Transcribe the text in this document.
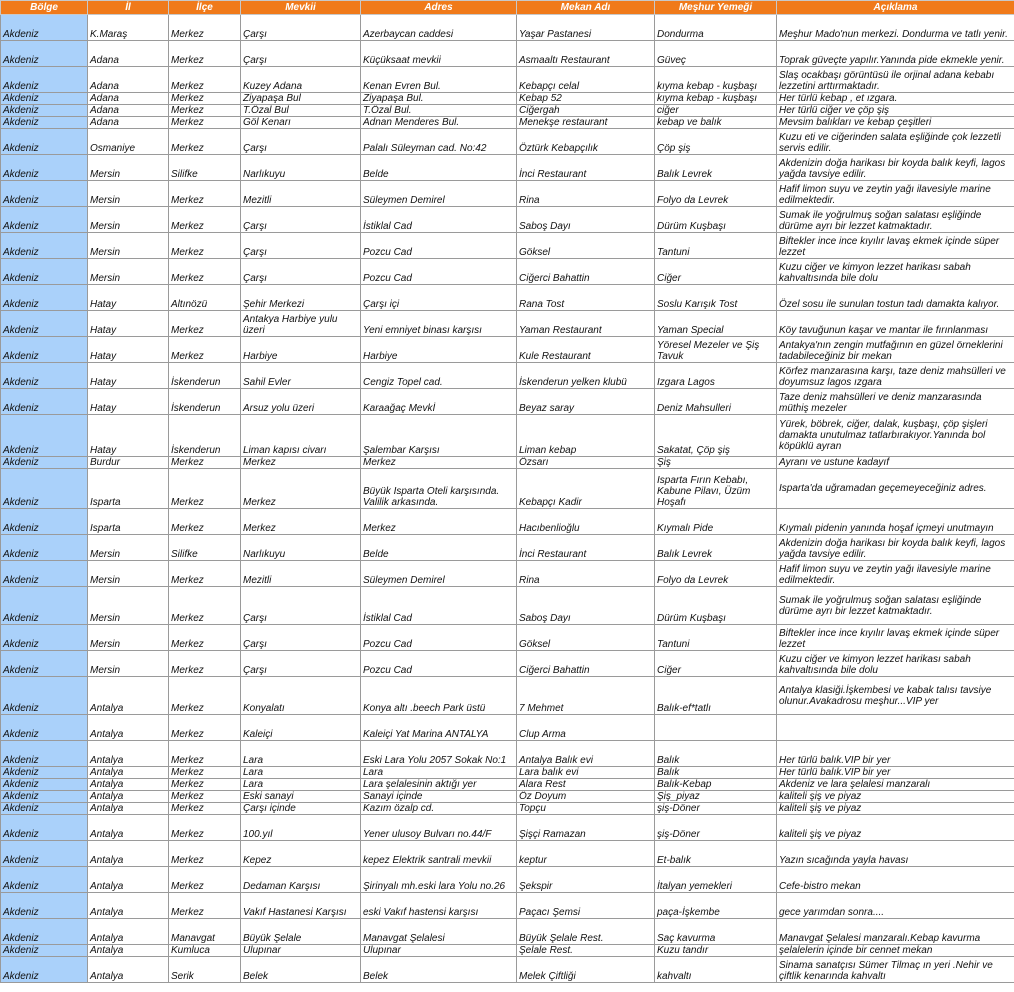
Bölge	İl	İlçe	Mevkii	Adres	Mekan Adı	Meşhur Yemeği	Açıklama
Akdeniz	K.Maraş	Merkez	Çarşı	Azerbaycan caddesi	Yaşar Pastanesi	Dondurma	Meşhur Mado'nun merkezi. Dondurma ve tatlı yenir.
Akdeniz	Adana	Merkez	Çarşı	Küçüksaat mevkii	Asmaaltı Restaurant	Güveç	Toprak güveçte yapılır.Yanında pide ekmekle yenir.
Akdeniz	Adana	Merkez	Kuzey Adana	Kenan Evren Bul.	Kebapçı celal	kıyma kebap - kuşbaşı	Slaş ocakbaşı görüntüsü ile orjinal adana kebabı lezzetini arttırmaktadır.
Akdeniz	Adana	Merkez	Ziyapaşa Bul	Ziyapaşa Bul.	Kebap 52	kıyma kebap - kuşbaşı	Her türlü kebap , et ızgara.
Akdeniz	Adana	Merkez	T.Özal Bul	T.Özal Bul.	Ciğergah	ciğer	Her türlü ciğer ve çöp şiş
Akdeniz	Adana	Merkez	Göl Kenarı	Adnan Menderes Bul.	Menekşe restaurant	kebap ve balık	Mevsim balıkları ve kebap çeşitleri
Akdeniz	Osmaniye	Merkez	Çarşı	Palalı Süleyman cad. No:42	Öztürk Kebapçılık	Çöp şiş	Kuzu eti ve ciğerinden salata eşliğinde çok lezzetli servis edilir.
Akdeniz	Mersin	Silifke	Narlıkuyu	Belde	İnci Restaurant	Balık Levrek	Akdenizin doğa harikası bir koyda balık keyfi, lagos yağda tavsiye edilir.
Akdeniz	Mersin	Merkez	Mezitli	Süleymen Demirel	Rina	Folyo da Levrek	Hafif limon suyu ve zeytin yağı ilavesiyle marine edilmektedir.
Akdeniz	Mersin	Merkez	Çarşı	İstiklal Cad	Saboş Dayı	Dürüm Kuşbaşı	Sumak ile yoğrulmuş soğan salatası eşliğinde dürüme ayrı bir lezzet katmaktadır.
Akdeniz	Mersin	Merkez	Çarşı	Pozcu Cad	Göksel	Tantuni	Biftekler ince ince kıyılır lavaş ekmek içinde süper lezzet
Akdeniz	Mersin	Merkez	Çarşı	Pozcu Cad	Ciğerci Bahattin	Ciğer	Kuzu ciğer ve kimyon lezzet harikası sabah kahvaltısında bile dolu
Akdeniz	Hatay	Altınözü	Şehir Merkezi	Çarşı içi	Rana Tost	Soslu Karışık Tost	Özel sosu ile sunulan tostun tadı damakta kalıyor.
Akdeniz	Hatay	Merkez	Antakya Harbiye yulu üzeri	Yeni emniyet binası karşısı	Yaman Restaurant	Yaman Special	Köy tavuğunun kaşar ve mantar ile fırınlanması
Akdeniz	Hatay	Merkez	Harbiye	Harbiye	Kule Restaurant	Yöresel Mezeler ve Şiş Tavuk	Antakya'nın zengin mutfağının en güzel örneklerini tadabileceğiniz bir mekan
Akdeniz	Hatay	İskenderun	Sahil Evler	Cengiz Topel cad.	İskenderun yelken klubü	Izgara Lagos	Körfez manzarasına karşı, taze deniz mahsülleri ve doyumsuz lagos ızgara
Akdeniz	Hatay	İskenderun	Arsuz yolu üzeri	Karaağaç Mevkİ	Beyaz saray	Deniz Mahsulleri	Taze deniz mahsülleri ve deniz manzarasında müthiş mezeler
Akdeniz	Hatay	İskenderun	Liman kapısı civarı	Şalembar Karşısı	Liman kebap	Sakatat, Çöp şiş	Yürek, böbrek, ciğer, dalak, kuşbaşı, çöp şişleri damakta unutulmaz tatlarbırakıyor.Yanında bol köpüklü ayran
Akdeniz	Burdur	Merkez	Merkez	Merkez	Özsarı	Şiş	Ayranı ve ustune kadayıf
Akdeniz	Isparta	Merkez	Merkez	Büyük Isparta Oteli karşısında. Valilik arkasında.	Kebapçı Kadir	Isparta Fırın Kebabı, Kabune Pilavı, Üzüm Hoşafı	Isparta'da uğramadan geçemeyeceğiniz adres.
Akdeniz	Isparta	Merkez	Merkez	Merkez	Hacıbenlioğlu	Kıymalı Pide	Kıymalı pidenin yanında hoşaf içmeyi unutmayın
Akdeniz	Mersin	Silifke	Narlıkuyu	Belde	İnci Restaurant	Balık Levrek	Akdenizin doğa harikası bir koyda balık keyfi, lagos yağda tavsiye edilir.
Akdeniz	Mersin	Merkez	Mezitli	Süleymen Demirel	Rina	Folyo da Levrek	Hafif limon suyu ve zeytin yağı ilavesiyle marine edilmektedir.
Akdeniz	Mersin	Merkez	Çarşı	İstiklal Cad	Saboş Dayı	Dürüm Kuşbaşı	Sumak ile yoğrulmuş soğan salatası eşliğinde dürüme ayrı bir lezzet katmaktadır.
Akdeniz	Mersin	Merkez	Çarşı	Pozcu Cad	Göksel	Tantuni	Biftekler ince ince kıyılır lavaş ekmek içinde süper lezzet
Akdeniz	Mersin	Merkez	Çarşı	Pozcu Cad	Ciğerci Bahattin	Ciğer	Kuzu ciğer ve kimyon lezzet harikası sabah kahvaltısında bile dolu
Akdeniz	Antalya	Merkez	Konyalatı	Konya altı .beech Park üstü	7 Mehmet	Balık-ef*tatlı	Antalya klasiği.İşkembesi ve kabak talısı tavsiye olunur.Avakadrosu meşhur...VIP yer
Akdeniz	Antalya	Merkez	Kaleiçi	Kaleiçi Yat Marina ANTALYA	Clup Arma		
Akdeniz	Antalya	Merkez	Lara	Eski Lara Yolu 2057 Sokak No:1	Antalya Balık evi	Balık	Her türlü balık.VIP bir yer
Akdeniz	Antalya	Merkez	Lara	Lara	Lara balık evi	Balık	Her türlü balık.VIP bir yer
Akdeniz	Antalya	Merkez	Lara	Lara şelalesinin aktığı yer	Alara Rest	Balık-Kebap	Akdeniz ve lara şelalesi manzaralı
Akdeniz	Antalya	Merkez	Eski sanayi	Sanayi içinde	Öz Doyum	Şiş_piyaz	kaliteli şiş ve piyaz
Akdeniz	Antalya	Merkez	Çarşı içinde	Kazım özalp cd.	Topçu	şiş-Döner	kaliteli şiş ve piyaz
Akdeniz	Antalya	Merkez	100.yıl	Yener ulusoy Bulvarı no.44/F	Şişçi Ramazan	şiş-Döner	kaliteli şiş ve piyaz
Akdeniz	Antalya	Merkez	Kepez	kepez Elektrik santrali mevkii	keptur	Et-balık	Yazın sıcağında yayla havası
Akdeniz	Antalya	Merkez	Dedaman Karşısı	Şirinyalı mh.eski lara Yolu no.26	Şekspir	İtalyan yemekleri	Cefe-bistro mekan
Akdeniz	Antalya	Merkez	Vakıf Hastanesi Karşısı	eski Vakıf hastensi karşısı	Paçacı Şemsi	paça-İşkembe	gece yarımdan sonra....
Akdeniz	Antalya	Manavgat	Büyük Şelale	Manavgat Şelalesi	Büyük Şelale Rest.	Saç kavurma	Manavgat Şelalesi manzaralı.Kebap kavurma
Akdeniz	Antalya	Kumluca	Ulupınar	Ulupınar	Şelale Rest.	Kuzu tandır	şelalelerin içinde bir cennet mekan
Akdeniz	Antalya	Serik	Belek	Belek	Melek Çiftliği	kahvaltı	Sinama sanatçısı Sümer Tilmaç ın yeri .Nehir ve çiftlik kenarında kahvaltı
